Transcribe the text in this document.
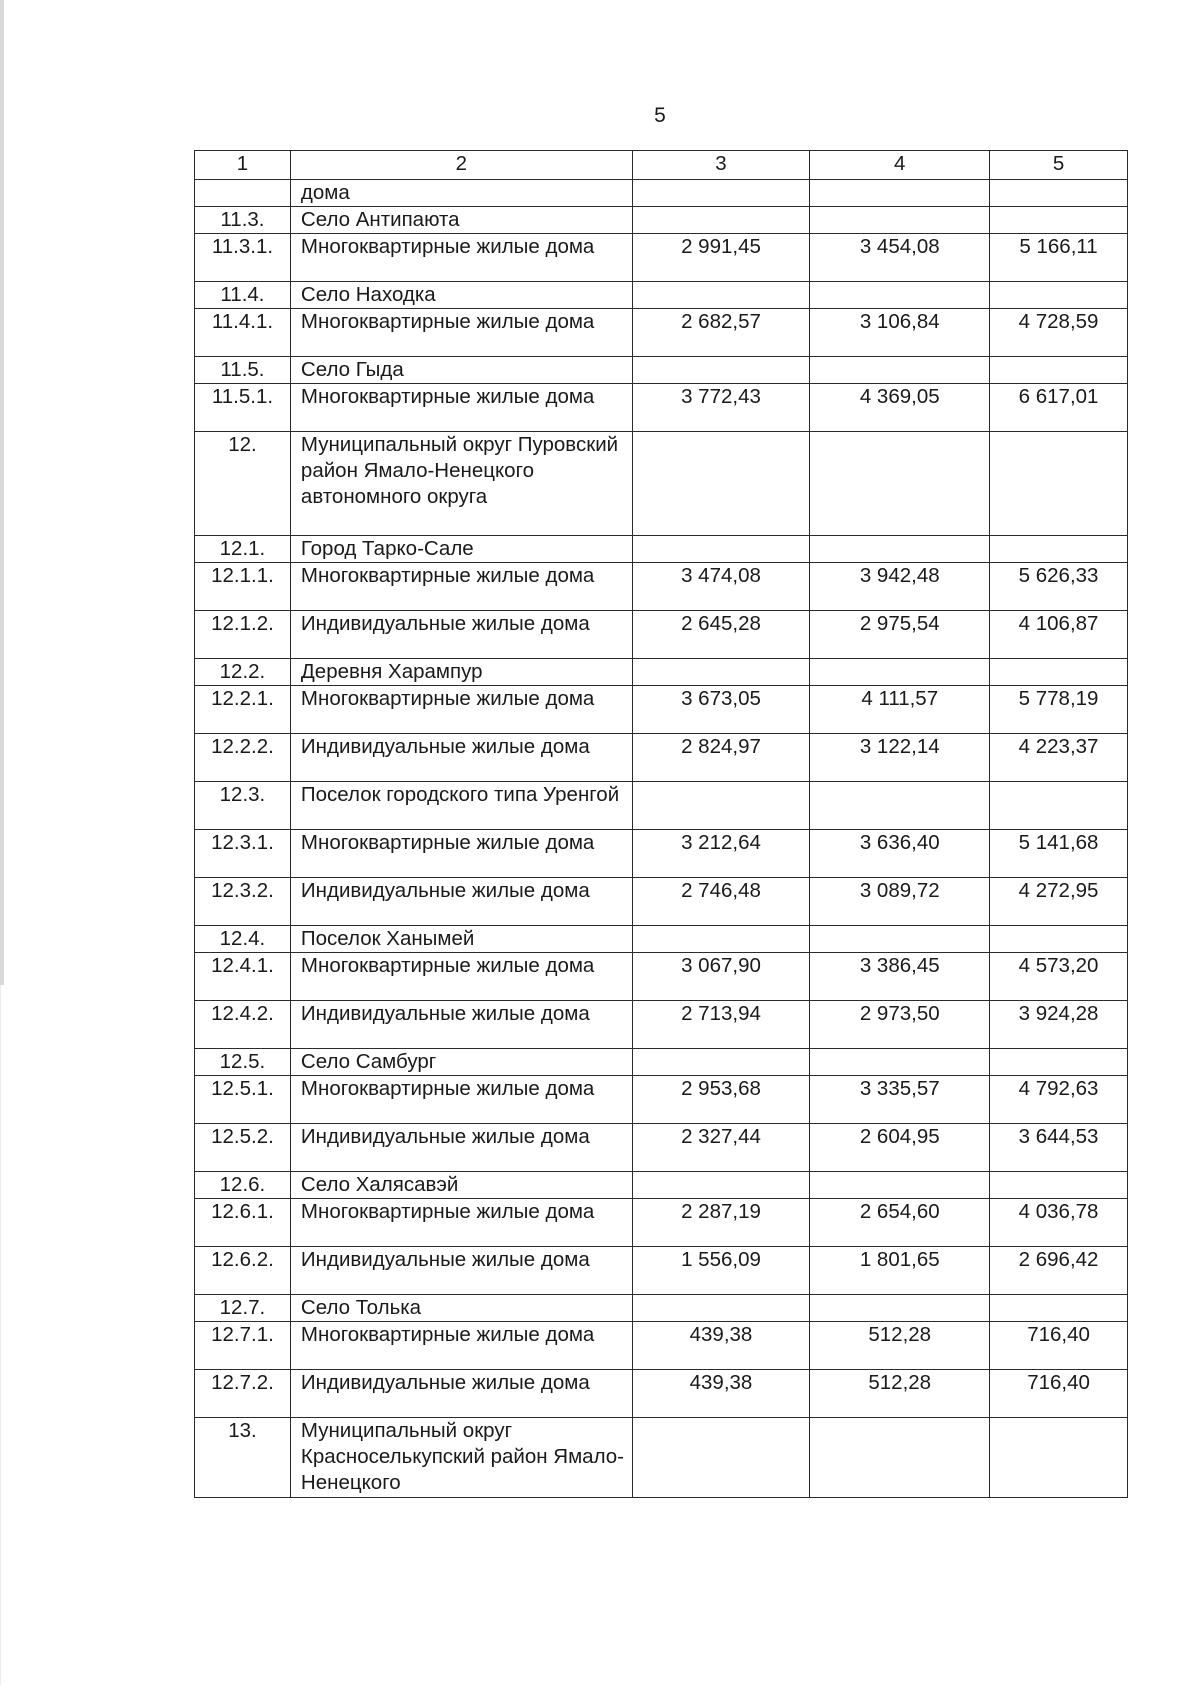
5
1	2	3	4	5
	дома			
11.3.	Село Антипаюта			
11.3.1.	Многоквартирные жилые дома	2 991,45	3 454,08	5 166,11
11.4.	Село Находка			
11.4.1.	Многоквартирные жилые дома	2 682,57	3 106,84	4 728,59
11.5.	Село Гыда			
11.5.1.	Многоквартирные жилые дома	3 772,43	4 369,05	6 617,01
12.	Муниципальный округ Пуровский район Ямало-Ненецкого автономного округа			
12.1.	Город Тарко-Сале			
12.1.1.	Многоквартирные жилые дома	3 474,08	3 942,48	5 626,33
12.1.2.	Индивидуальные жилые дома	2 645,28	2 975,54	4 106,87
12.2.	Деревня Харампур			
12.2.1.	Многоквартирные жилые дома	3 673,05	4 111,57	5 778,19
12.2.2.	Индивидуальные жилые дома	2 824,97	3 122,14	4 223,37
12.3.	Поселок городского типа Уренгой			
12.3.1.	Многоквартирные жилые дома	3 212,64	3 636,40	5 141,68
12.3.2.	Индивидуальные жилые дома	2 746,48	3 089,72	4 272,95
12.4.	Поселок Ханымей			
12.4.1.	Многоквартирные жилые дома	3 067,90	3 386,45	4 573,20
12.4.2.	Индивидуальные жилые дома	2 713,94	2 973,50	3 924,28
12.5.	Село Самбург			
12.5.1.	Многоквартирные жилые дома	2 953,68	3 335,57	4 792,63
12.5.2.	Индивидуальные жилые дома	2 327,44	2 604,95	3 644,53
12.6.	Село Халясавэй			
12.6.1.	Многоквартирные жилые дома	2 287,19	2 654,60	4 036,78
12.6.2.	Индивидуальные жилые дома	1 556,09	1 801,65	2 696,42
12.7.	Село Толька			
12.7.1.	Многоквартирные жилые дома	439,38	512,28	716,40
12.7.2.	Индивидуальные жилые дома	439,38	512,28	716,40
13.	Муниципальный округ Красноселькупский район Ямало-Ненецкого			
